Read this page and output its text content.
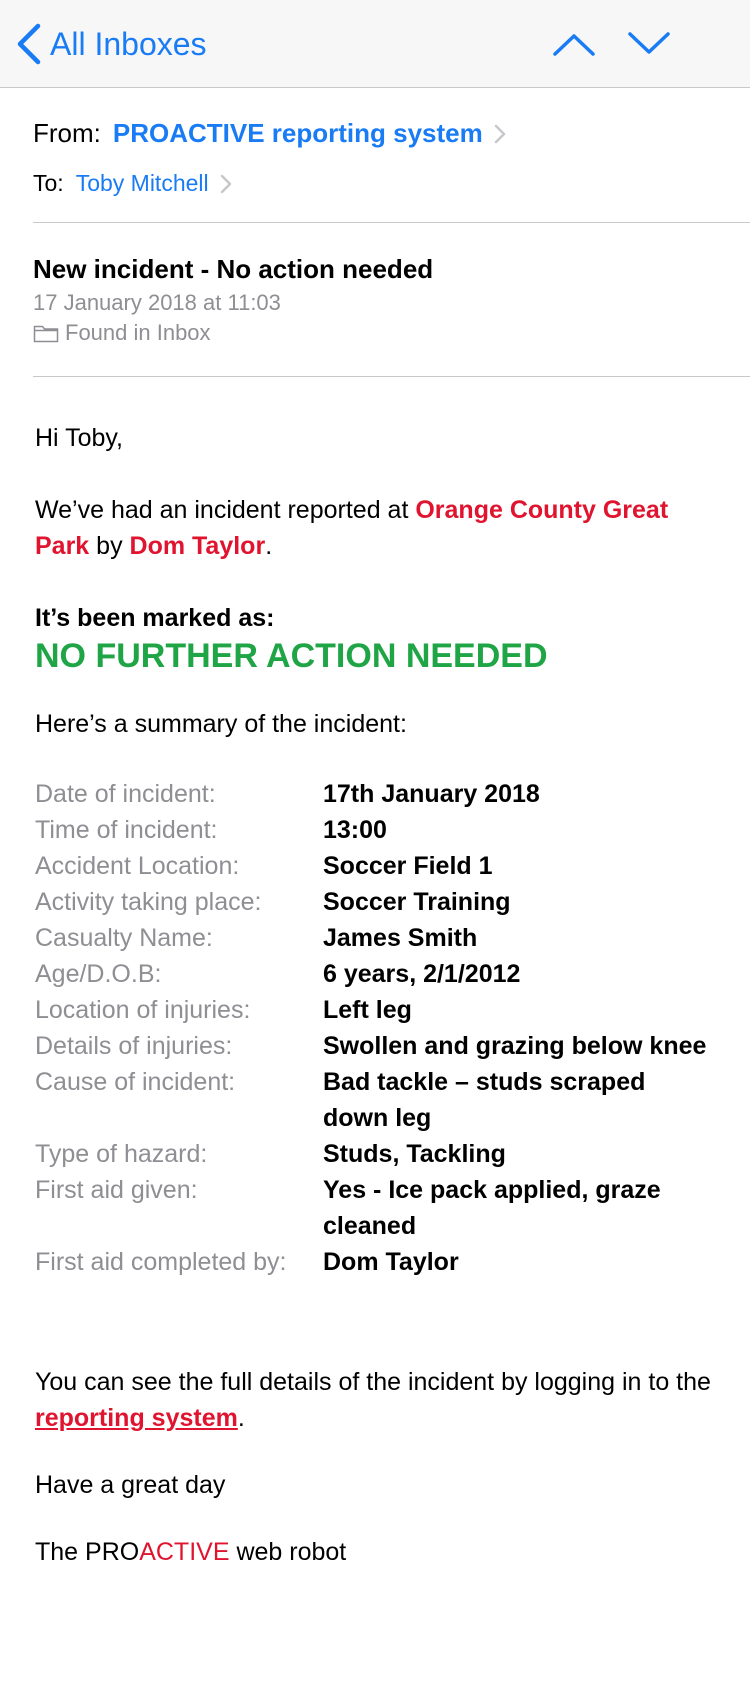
All Inboxes
From: PROACTIVE reporting system
To: Toby Mitchell
New incident - No action needed
17 January 2018 at 11:03
Found in Inbox

Hi Toby,

We’ve had an incident reported at Orange County Great Park by Dom Taylor.

It’s been marked as:

NO FURTHER ACTION NEEDED

Here’s a summary of the incident:

Date of incident:	17th January 2018
Time of incident:	13:00
Accident Location:	Soccer Field 1
Activity taking place:	Soccer Training
Casualty Name:	James Smith
Age/D.O.B:	6 years, 2/1/2012
Location of injuries:	Left leg
Details of injuries:	Swollen and grazing below knee
Cause of incident:	Bad tackle – studs scraped down leg
Type of hazard:	Studs, Tackling
First aid given:	Yes - Ice pack applied, graze cleaned
First aid completed by:	Dom Taylor

You can see the full details of the incident by logging in to the reporting system.

Have a great day

The PROACTIVE web robot
